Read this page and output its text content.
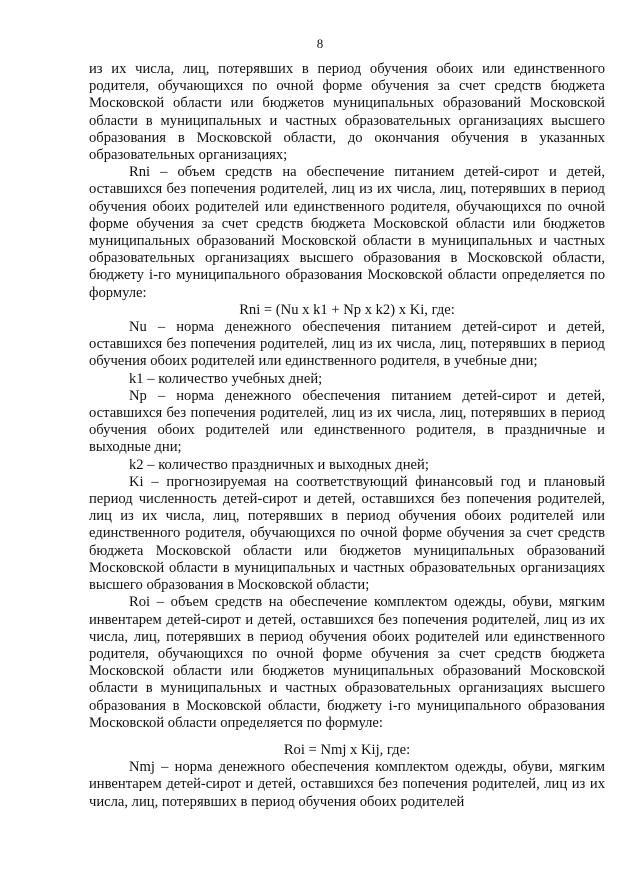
8

из их числа, лиц, потерявших в период обучения обоих или единственного родителя, обучающихся по очной форме обучения за счет средств бюджета Московской области или бюджетов муниципальных образований Московской области в муниципальных и частных образовательных организациях высшего образования в Московской области, до окончания обучения в указанных образовательных организациях;

Rni – объем средств на обеспечение питанием детей-сирот и детей, оставшихся без попечения родителей, лиц из их числа, лиц, потерявших в период обучения обоих родителей или единственного родителя, обучающихся по очной форме обучения за счет средств бюджета Московской области или бюджетов муниципальных образований Московской области в муниципальных и частных образовательных организациях высшего образования в Московской области, бюджету i-го муниципального образования Московской области определяется по формуле:

Rni = (Nu x k1 + Np x k2) x Ki, где:

Nu – норма денежного обеспечения питанием детей-сирот и детей, оставшихся без попечения родителей, лиц из их числа, лиц, потерявших в период обучения обоих родителей или единственного родителя, в учебные дни;

k1 – количество учебных дней;

Np – норма денежного обеспечения питанием детей-сирот и детей, оставшихся без попечения родителей, лиц из их числа, лиц, потерявших в период обучения обоих родителей или единственного родителя, в праздничные и выходные дни;

k2 – количество праздничных и выходных дней;

Ki – прогнозируемая на соответствующий финансовый год и плановый период численность детей-сирот и детей, оставшихся без попечения родителей, лиц из их числа, лиц, потерявших в период обучения обоих родителей или единственного родителя, обучающихся по очной форме обучения за счет средств бюджета Московской области или бюджетов муниципальных образований Московской области в муниципальных и частных образовательных организациях высшего образования в Московской области;

Roi – объем средств на обеспечение комплектом одежды, обуви, мягким инвентарем детей-сирот и детей, оставшихся без попечения родителей, лиц из их числа, лиц, потерявших в период обучения обоих родителей или единственного родителя, обучающихся по очной форме обучения за счет средств бюджета Московской области или бюджетов муниципальных образований Московской области в муниципальных и частных образовательных организациях высшего образования в Московской области, бюджету i-го муниципального образования Московской области определяется по формуле:

Roi = Nmj x Kij, где:

Nmj – норма денежного обеспечения комплектом одежды, обуви, мягким инвентарем детей-сирот и детей, оставшихся без попечения родителей, лиц из их числа, лиц, потерявших в период обучения обоих родителей
